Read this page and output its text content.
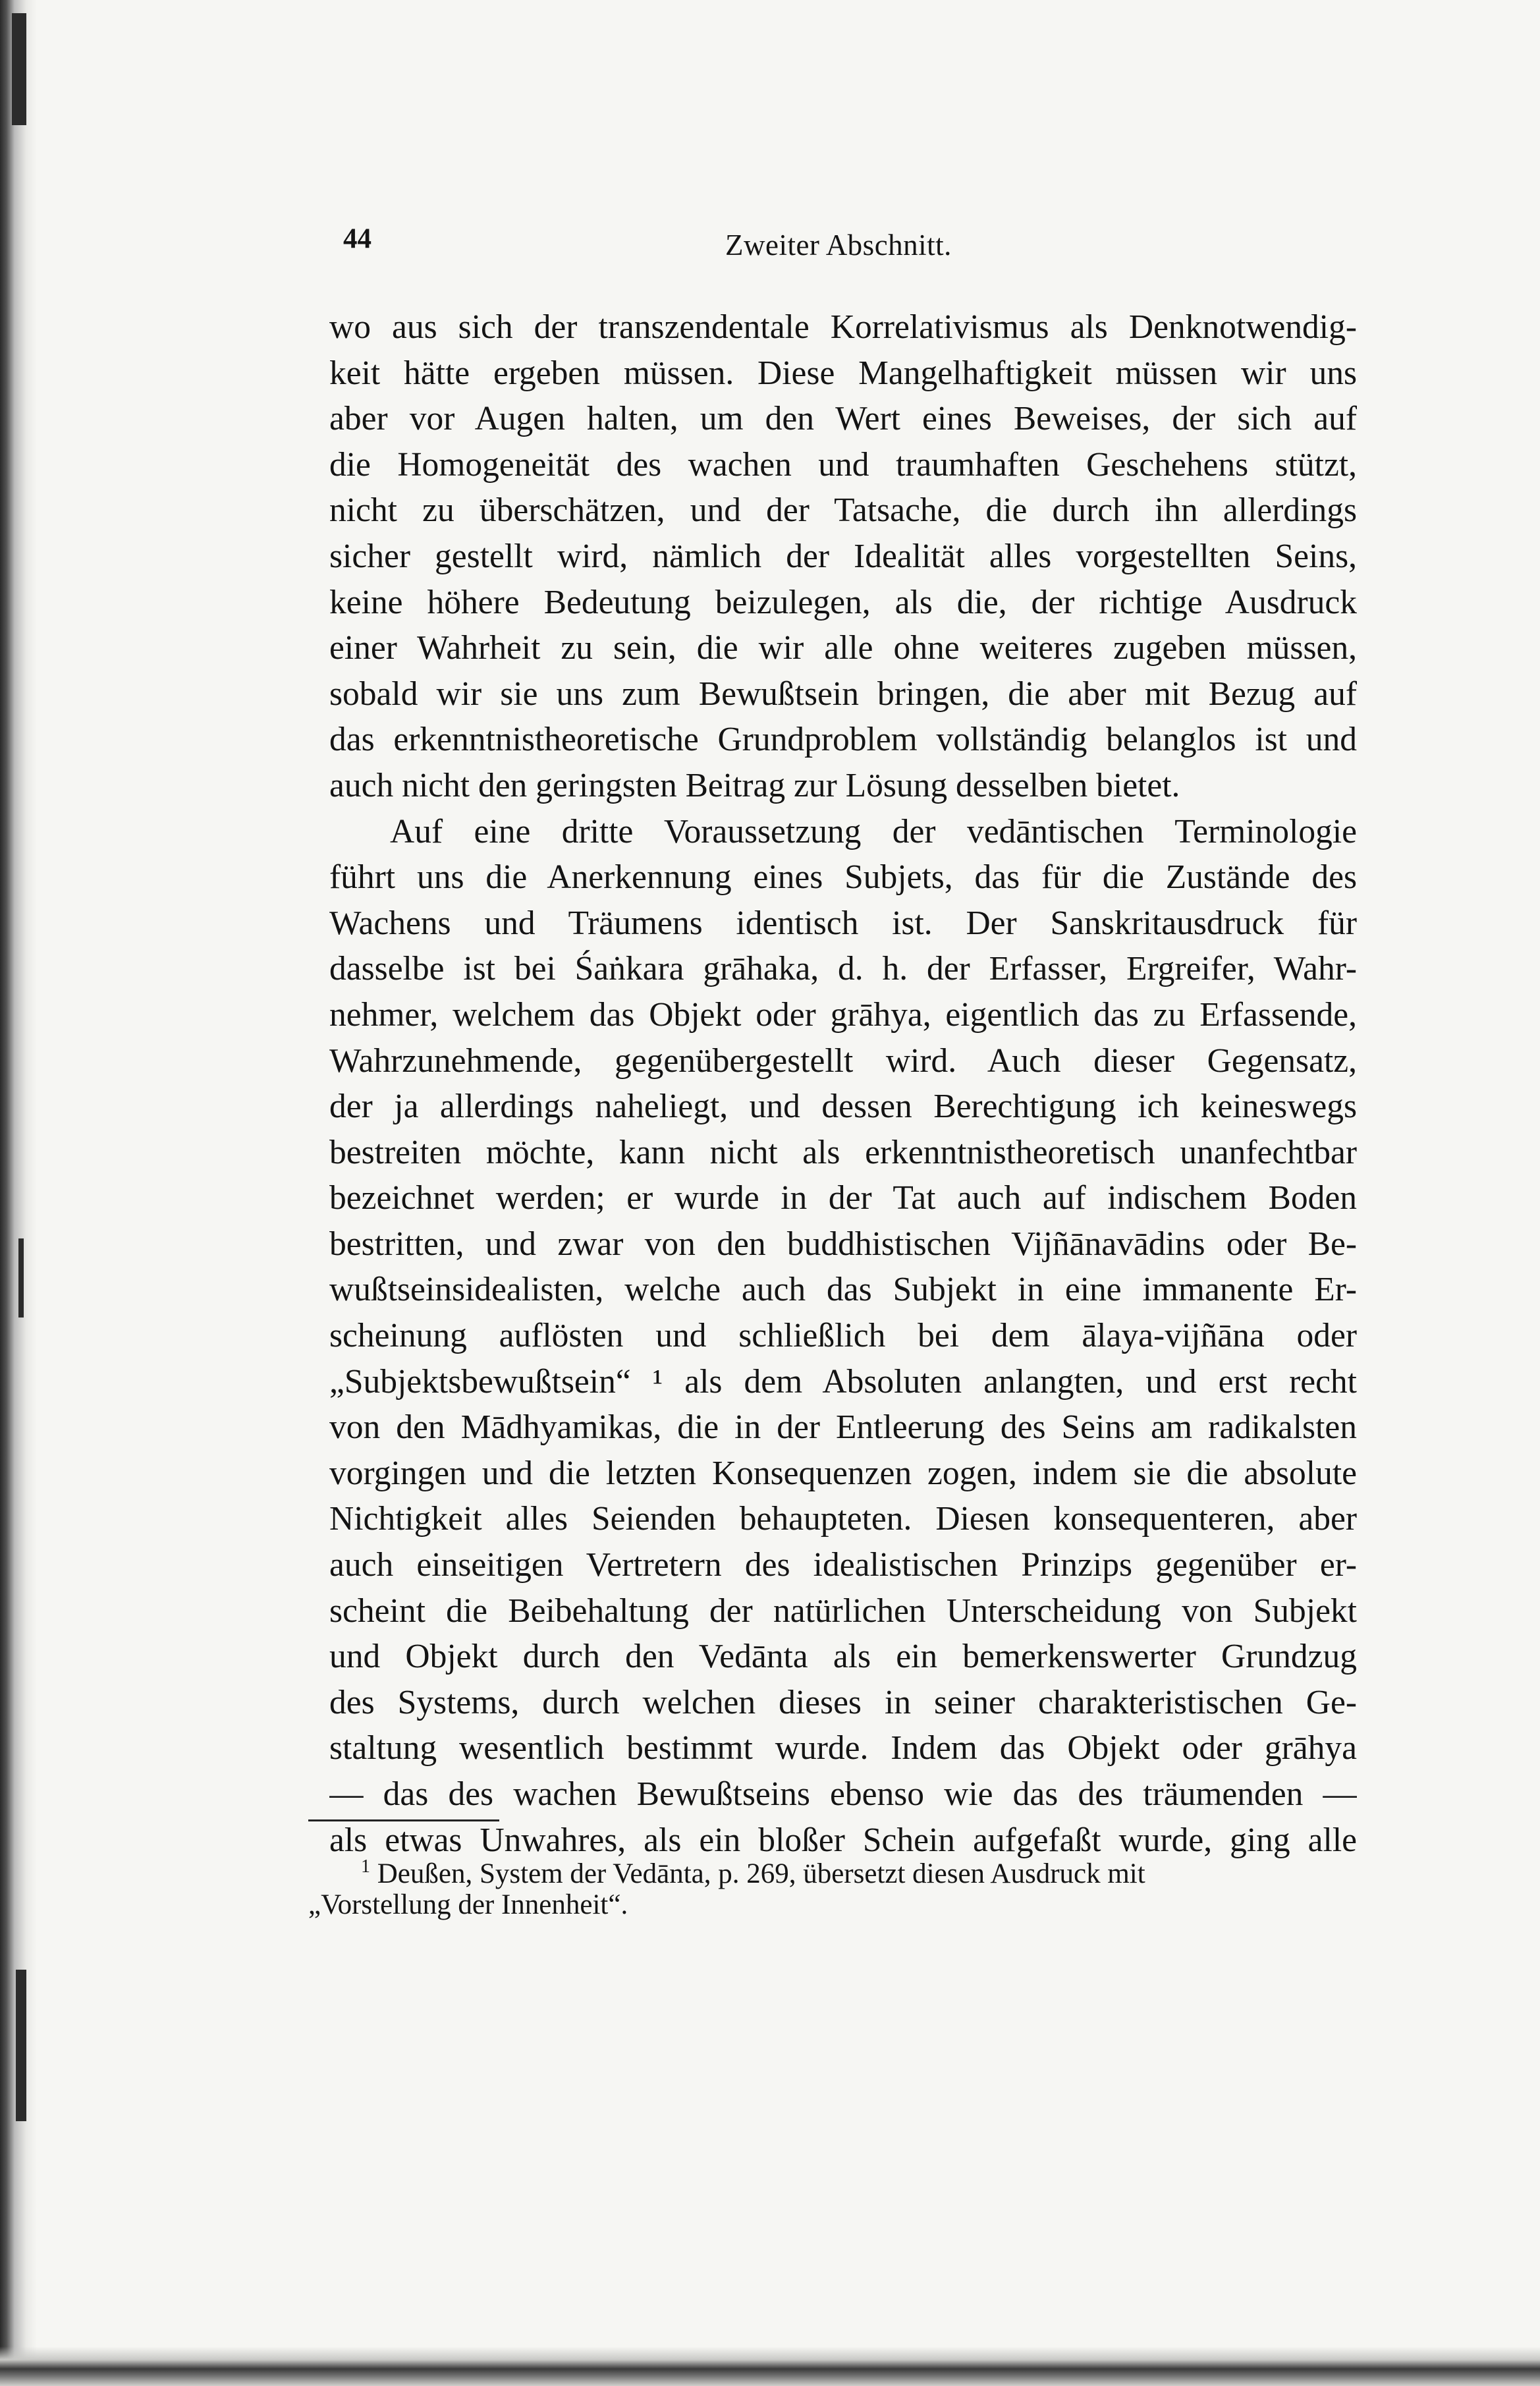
44	Zweiter Abschnitt.

wo aus sich der transzendentale Korrelativismus als Denknotwendig-
keit hätte ergeben müssen. Diese Mangelhaftigkeit müssen wir uns
aber vor Augen halten, um den Wert eines Beweises, der sich auf
die Homogeneität des wachen und traumhaften Geschehens stützt,
nicht zu überschätzen, und der Tatsache, die durch ihn allerdings
sicher gestellt wird, nämlich der Idealität alles vorgestellten Seins,
keine höhere Bedeutung beizulegen, als die, der richtige Ausdruck
einer Wahrheit zu sein, die wir alle ohne weiteres zugeben müssen,
sobald wir sie uns zum Bewußtsein bringen, die aber mit Bezug auf
das erkenntnistheoretische Grundproblem vollständig belanglos ist und
auch nicht den geringsten Beitrag zur Lösung desselben bietet.

Auf eine dritte Voraussetzung der vedāntischen Terminologie
führt uns die Anerkennung eines Subjets, das für die Zustände des
Wachens und Träumens identisch ist. Der Sanskritausdruck für
dasselbe ist bei Śaṅkara grāhaka, d. h. der Erfasser, Ergreifer, Wahr-
nehmer, welchem das Objekt oder grāhya, eigentlich das zu Erfassende,
Wahrzunehmende, gegenübergestellt wird. Auch dieser Gegensatz,
der ja allerdings naheliegt, und dessen Berechtigung ich keineswegs
bestreiten möchte, kann nicht als erkenntnistheoretisch unanfechtbar
bezeichnet werden; er wurde in der Tat auch auf indischem Boden
bestritten, und zwar von den buddhistischen Vijñānavādins oder Be-
wußtseinsidealisten, welche auch das Subjekt in eine immanente Er-
scheinung auflösten und schließlich bei dem ālaya-vijñāna oder
„Subjektsbewußtsein“ ¹ als dem Absoluten anlangten, und erst recht
von den Mādhyamikas, die in der Entleerung des Seins am radikalsten
vorgingen und die letzten Konsequenzen zogen, indem sie die absolute
Nichtigkeit alles Seienden behaupteten. Diesen konsequenteren, aber
auch einseitigen Vertretern des idealistischen Prinzips gegenüber er-
scheint die Beibehaltung der natürlichen Unterscheidung von Subjekt
und Objekt durch den Vedānta als ein bemerkenswerter Grundzug
des Systems, durch welchen dieses in seiner charakteristischen Ge-
staltung wesentlich bestimmt wurde. Indem das Objekt oder grāhya
— das des wachen Bewußtseins ebenso wie das des träumenden —
als etwas Unwahres, als ein bloßer Schein aufgefaßt wurde, ging alle

$^1$ Deußen, System der Vedānta, p. 269, übersetzt diesen Ausdruck mit
„Vorstellung der Innenheit“.
